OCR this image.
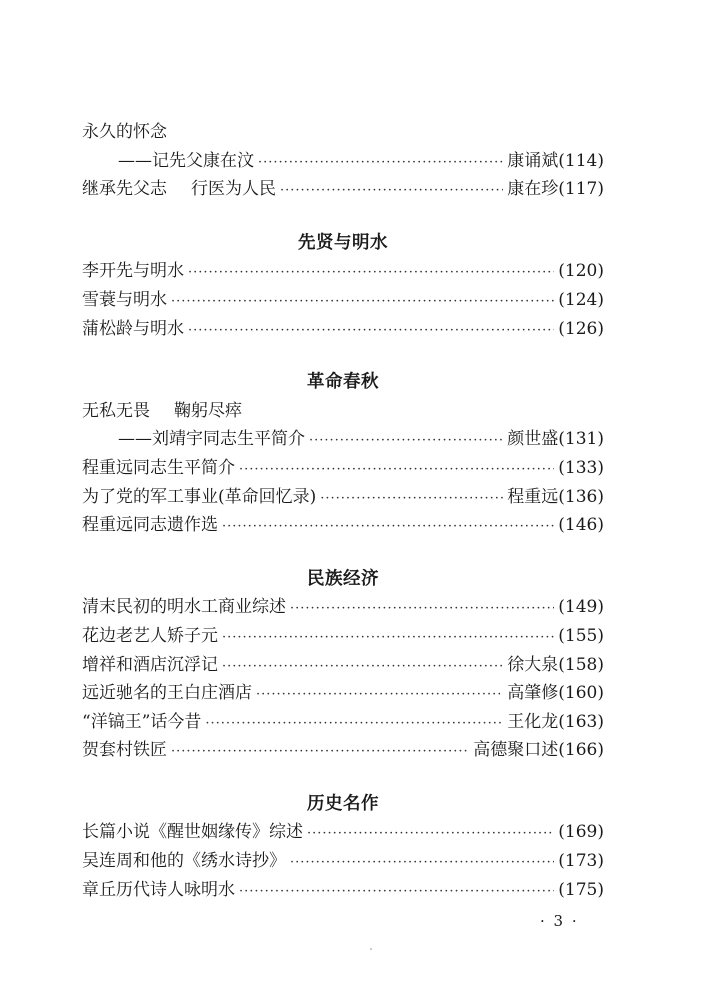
永久的怀念
——记先父康在汶 ·····	康诵斌 (114)
继承先父志 行医为人民 ·····	康在珍 (117)
先贤与明水
李开先与明水 ·····	(120)
雪蓑与明水 ·····	(124)
蒲松龄与明水 ·····	(126)
革命春秋
无私无畏 鞠躬尽瘁
——刘靖宇同志生平简介 ·····	颜世盛 (131)
程重远同志生平简介 ·····	(133)
为了党的军工事业(革命回忆录) ·····	程重远 (136)
程重远同志遗作选 ·····	(146)
民族经济
清末民初的明水工商业综述 ·····	(149)
花边老艺人矫子元 ·····	(155)
增祥和酒店沉浮记 ·····	徐大泉 (158)
远近驰名的王白庄酒店 ·····	高肇修 (160)
“洋镐王”话今昔 ·····	王化龙 (163)
贺套村铁匠 ·····	高德聚口述 (166)
历史名作
长篇小说《醒世姻缘传》综述 ·····	(169)
吴连周和他的《绣水诗抄》 ·····	(173)
章丘历代诗人咏明水 ·····	(175)
· 3 ·
